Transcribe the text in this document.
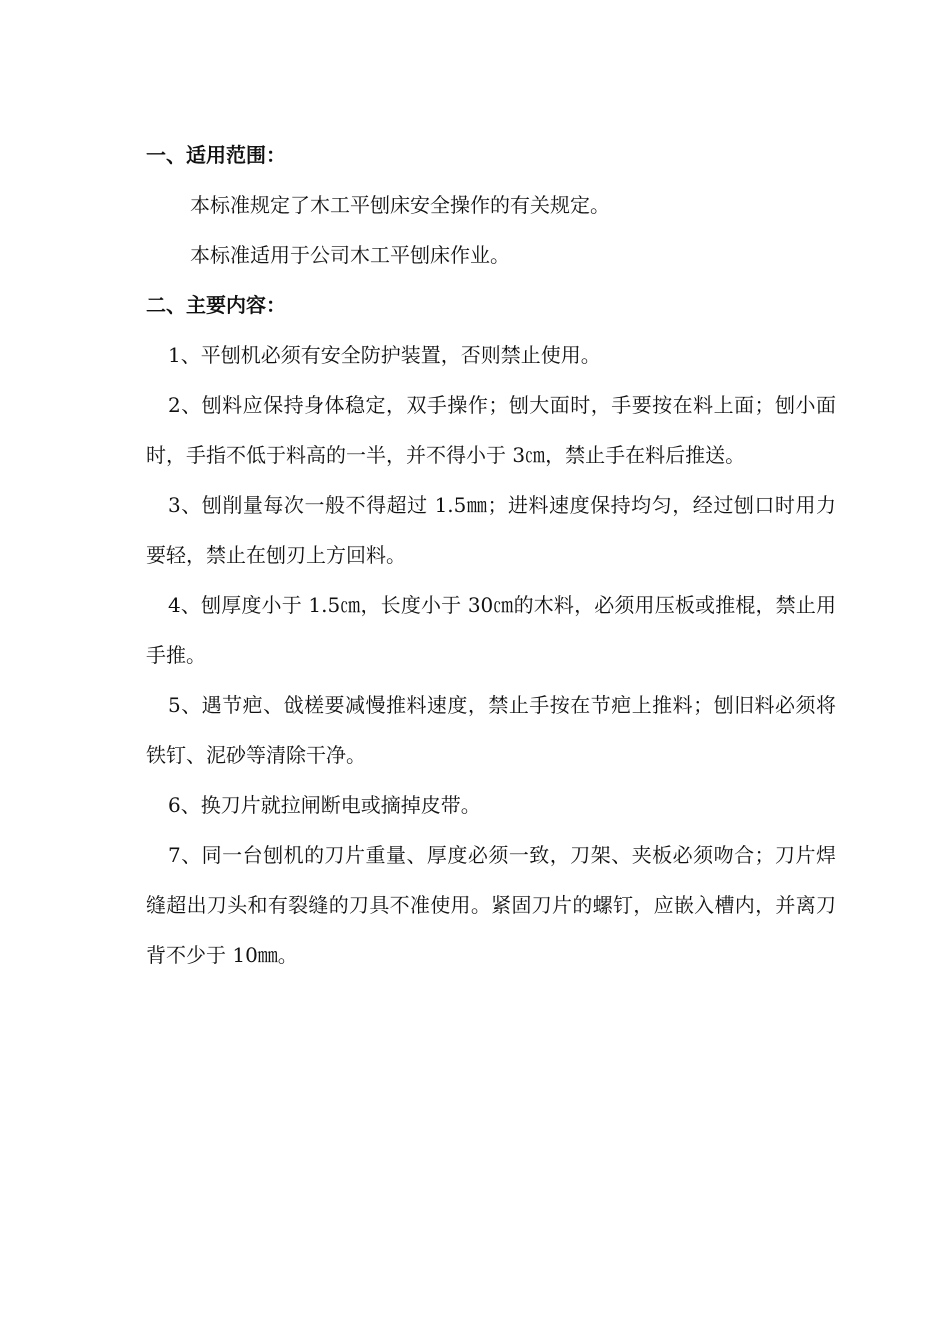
一、适用范围：

本标准规定了木工平刨床安全操作的有关规定。

本标准适用于公司木工平刨床作业。

二、主要内容：

1、平刨机必须有安全防护装置，否则禁止使用。

2、刨料应保持身体稳定，双手操作；刨大面时，手要按在料上面；刨小面时，手指不低于料高的一半，并不得小于 3㎝，禁止手在料后推送。

3、刨削量每次一般不得超过 1.5㎜；进料速度保持均匀，经过刨口时用力要轻，禁止在刨刃上方回料。

4、刨厚度小于 1.5㎝，长度小于 30㎝的木料，必须用压板或推棍，禁止用手推。

5、遇节疤、戗槎要减慢推料速度，禁止手按在节疤上推料；刨旧料必须将铁钉、泥砂等清除干净。

6、换刀片就拉闸断电或摘掉皮带。

7、同一台刨机的刀片重量、厚度必须一致，刀架、夹板必须吻合；刀片焊缝超出刀头和有裂缝的刀具不准使用。紧固刀片的螺钉，应嵌入槽内，并离刀背不少于 10㎜。
